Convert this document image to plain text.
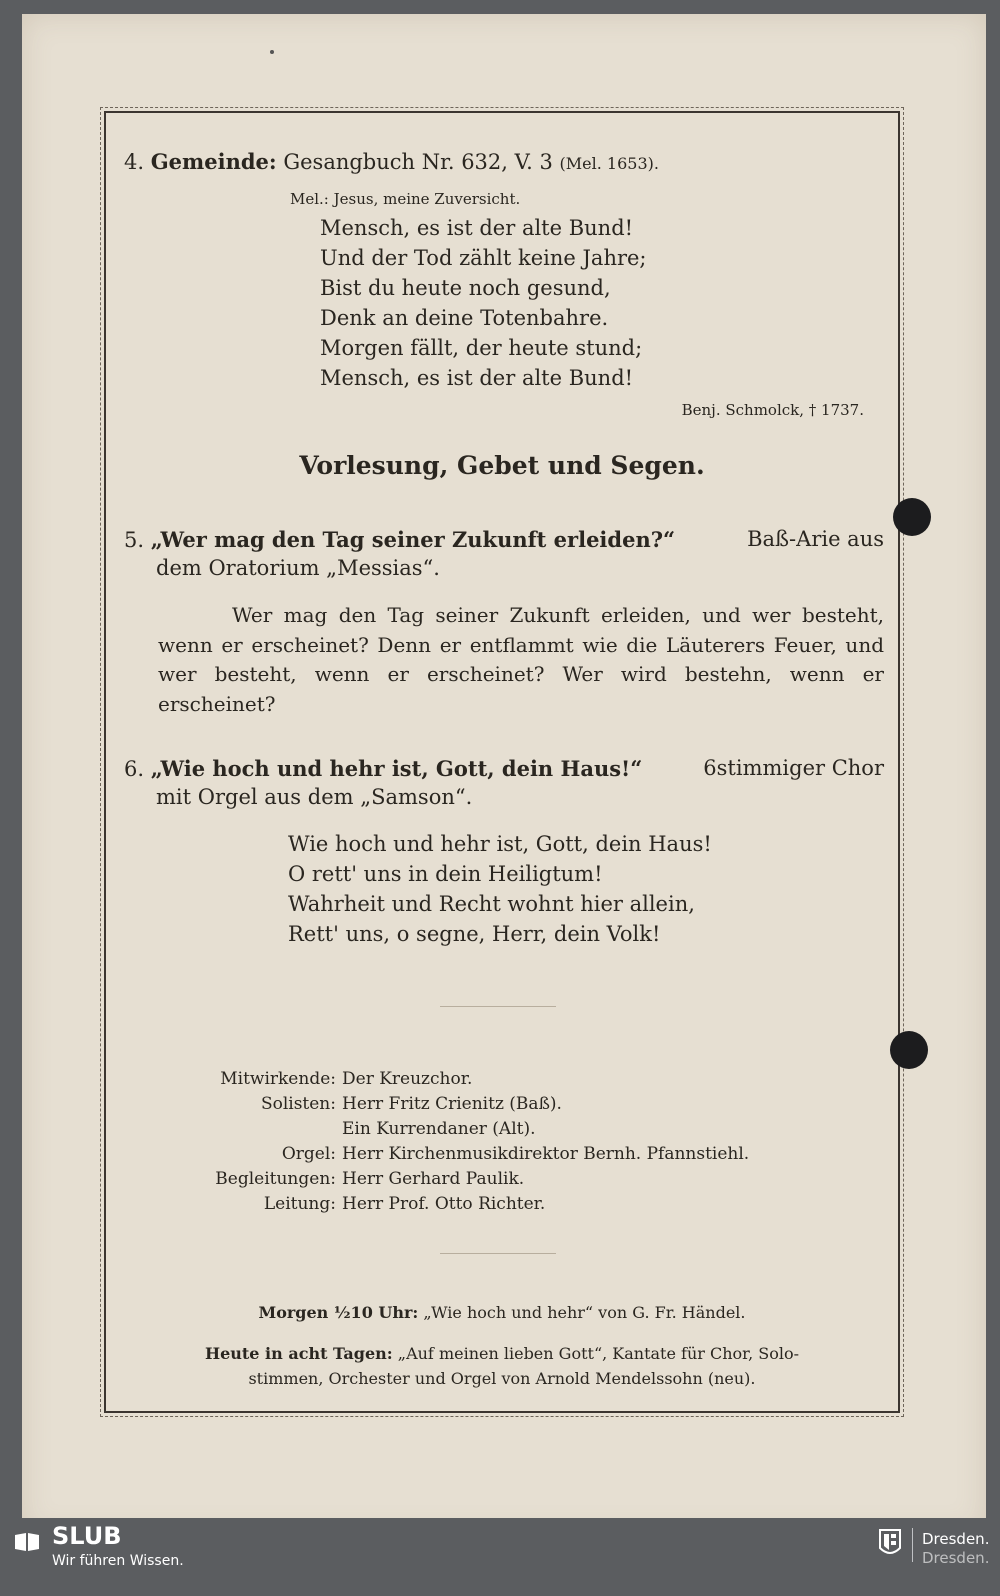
4. Gemeinde: Gesangbuch Nr. 632, V. 3 (Mel. 1653).
Mel.: Jesus, meine Zuversicht.
Mensch, es ist der alte Bund!
Und der Tod zählt keine Jahre;
Bist du heute noch gesund,
Denk an deine Totenbahre.
Morgen fällt, der heute stund;
Mensch, es ist der alte Bund!
Benj. Schmolck, † 1737.
Vorlesung, Gebet und Segen.
5. „Wer mag den Tag seiner Zukunft erleiden?“	Baß-Arie aus
dem Oratorium „Messias“.
Wer mag den Tag seiner Zukunft erleiden, und wer besteht, wenn er erscheinet? Denn er entflammt wie die Läuterers Feuer, und wer besteht, wenn er erscheinet? Wer wird bestehn, wenn er erscheinet?
6. „Wie hoch und hehr ist, Gott, dein Haus!“	6stimmiger Chor
mit Orgel aus dem „Samson“.
Wie hoch und hehr ist, Gott, dein Haus!
O rett' uns in dein Heiligtum!
Wahrheit und Recht wohnt hier allein,
Rett' uns, o segne, Herr, dein Volk!
Mitwirkende: Der Kreuzchor.
Solisten: Herr Fritz Crienitz (Baß).
Ein Kurrendaner (Alt).
Orgel: Herr Kirchenmusikdirektor Bernh. Pfannstiehl.
Begleitungen: Herr Gerhard Paulik.
Leitung: Herr Prof. Otto Richter.
Morgen ½10 Uhr: „Wie hoch und hehr“ von G. Fr. Händel.
Heute in acht Tagen: „Auf meinen lieben Gott“, Kantate für Chor, Solo-
stimmen, Orchester und Orgel von Arnold Mendelssohn (neu).
SLUB
Wir führen Wissen.
Dresden.
Dresden.
